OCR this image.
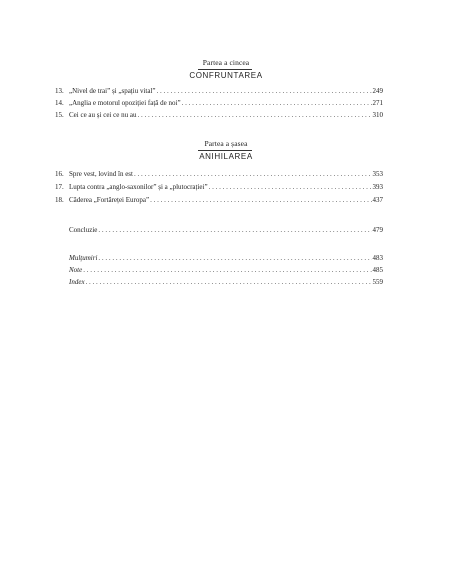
Partea a cincea
CONFRUNTAREA
13. „Nivel de trai” și „spațiu vital” . . .	249
14. „Anglia e motorul opoziției față de noi” . . .	271
15. Cei ce au și cei ce nu au . . .	310
Partea a șasea
ANIHILAREA
16. Spre vest, lovind în est . . .	353
17. Lupta contra „anglo-saxonilor” și a „plutocrației” . . .	393
18. Căderea „Fortăreței Europa” . . .	437
Concluzie . . .	479
Mulțumiri . . .	483
Note . . .	485
Index . . .	559
